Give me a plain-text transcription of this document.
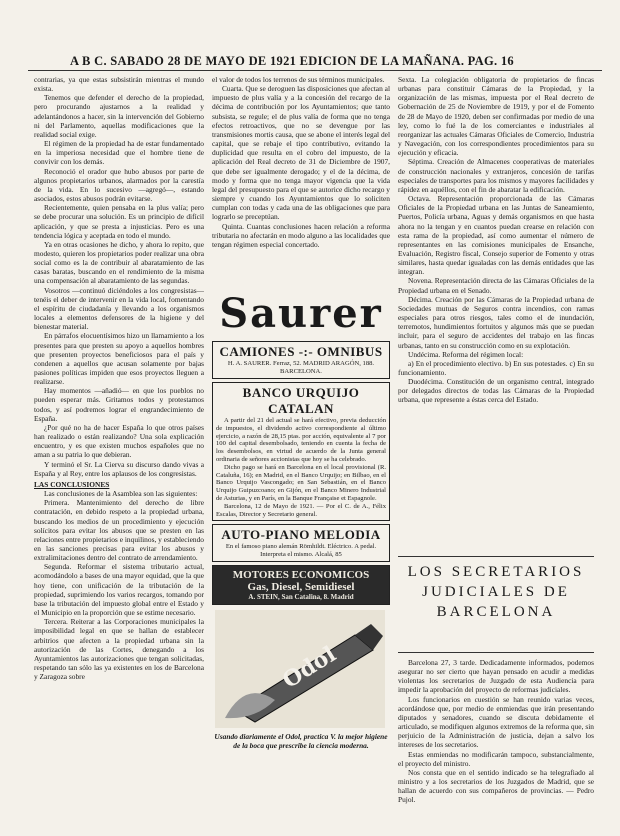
A B C. SABADO 28 DE MAYO DE 1921 EDICION DE LA MAÑANA. PAG. 16

contrarias, ya que estas subsistirán mientras el mundo exista.

Tenemos que defender el derecho de la propiedad, pero procurando ajustarnos a la realidad y adelantándonos a hacer, sin la intervención del Gobierno ni del Parlamento, aquellas modificaciones que la realidad social exige.

El régimen de la propiedad ha de estar fundamentado en la imperiosa necesidad que el hombre tiene de convivir con los demás.

Reconoció el orador que hubo abusos por parte de algunos propietarios urbanos, alarmados por la carestía de la vida. En lo sucesivo —agregó—, estando asociados, estos abusos podrán evitarse.

Recientemente, quien pensaba en la plus valía; pero se debe procurar una solución. Es un principio de difícil aplicación, y que se presta a injusticias. Pero es una tendencia lógica y aceptada en todo el mundo.

Ya en otras ocasiones he dicho, y ahora lo repito, que modesto, quieren los propietarios poder realizar una obra social como es la de contribuir al abaratamiento de las casas baratas, buscando en el rendimiento de la misma una compensación al abaratamiento de las segundas.

Vosotros —continuó diciéndoles a los congresistas— tenéis el deber de intervenir en la vida local, fomentando el espíritu de ciudadanía y llevando a los organismos locales a elementos defensores de la higiene y del bienestar material.

En párrafos elocuentísimos hizo un llamamiento a los presentes para que presten su apoyo a aquellos hombres que presenten proyectos beneficiosos para el país y condenen a aquellos que acusan solamente por bajas pasiones políticas impiden que esos proyectos lleguen a realizarse.

Hay momentos —añadió— en que los pueblos no pueden esperar más. Gritamos todos y protestamos todos, y así podremos lograr el engrandecimiento de España.

¿Por qué no ha de hacer España lo que otros países han realizado o están realizando? Una sola explicación encuentro, y es que existen muchos españoles que no aman a su patria lo que debieran.

Y terminó el Sr. La Cierva su discurso dando vivas a España y al Rey, entre los aplausos de los congresistas.

LAS CONCLUSIONES

Las conclusiones de la Asamblea son las siguientes:

Primera. Mantenimiento del derecho de libre contratación, en debido respeto a la propiedad urbana, buscando los medios de un procedimiento y ejecución solícitos para evitar los abusos que se presten en las relaciones entre propietarios e inquilinos, y estableciendo en las sanciones precisas para evitar los abusos y extralimitaciones dentro del contrato de arrendamiento.

Segunda. Reformar el sistema tributario actual, acomodándolo a bases de una mayor equidad, que la que hoy tiene, con unificación de la tributación de la propiedad, suprimiendo los varios recargos, tomando por base la tributación del impuesto global entre el Estado y el Municipio en la proporción que se estime necesario.

Tercera. Reiterar a las Corporaciones municipales la imposibilidad legal en que se hallan de establecer arbitrios que afecten a la propiedad urbana sin la autorización de las Cortes, denegando a los Ayuntamientos las autorizaciones que tengan solicitadas, respetando tan sólo las ya existentes en los de Barcelona y Zaragoza sobre

el valor de todos los terrenos de sus términos municipales.

Cuarta. Que se deroguen las disposiciones que afectan al impuesto de plus valía y a la concesión del recargo de la décima de contribución por los Ayuntamientos; que tanto subsista, se regule; el de plus valía de forma que no tenga efectos retroactivos, que no se devengue por las transmisiones mortis causa, que se abone el interés legal del capital, que se rebaje el tipo contributivo, evitando la duplicidad que resulta en el cobro del impuesto, de la aplicación del Real decreto de 31 de Diciembre de 1907, que debe ser igualmente derogado; y el de la décima, de modo y forma que no tenga mayor vigencia que la vida legal del presupuesto para el que se autorice dicho recargo y siempre y cuando los Ayuntamientos que lo soliciten cumplan con todas y cada una de las obligaciones que para lograrlo se preceptúan.

Quinta. Cuantas conclusiones hacen relación a reforma tributaria no afectarán en modo alguno a las localidades que tengan régimen especial concertado.

Saurer
CAMIONES -:- OMNIBUS
H. A. SAURER. Ferraz, 52. MADRID ARAGÓN, 188. BARCELONA.
BANCO URQUIJO CATALAN

A partir del 21 del actual se hará efectivo, previa deducción de impuestos, el dividendo activo correspondiente al último ejercicio, a razón de 28,15 ptas. por acción, equivalente al 7 por 100 del capital desembolsado, teniendo en cuenta la fecha de los desembolsos, en virtud de acuerdo de la Junta general ordinaria de señores accionistas que hoy se ha celebrado.

Dicho pago se hará en Barcelona en el local provisional (R. Cataluña, 16); en Madrid, en el Banco Urquijo; en Bilbao, en el Banco Urquijo Vascongado; en San Sebastián, en el Banco Urquijo Guipuzcoano; en Gijón, en el Banco Minero Industrial de Asturias, y en París, en la Banque Française et Espagnole.

Barcelona, 12 de Mayo de 1921. — Por el C. de A., Félix Escalas, Director y Secretario general.

AUTO-PIANO MELODIA
En el famoso piano alemán Römhildt. Eléctrico. A pedal. Interpreta el mismo. Alcalá, 85
MOTORES ECONOMICOS
Gas, Diesel, Semidiesel
A. STEIN, San Catalina, 8. Madrid
Odol
Usando diariamente el Odol, practica V. la mejor higiene de la boca que prescribe la ciencia moderna.

Sexta. La colegiación obligatoria de propietarios de fincas urbanas para constituir Cámaras de la Propiedad, y la organización de las mismas, impuesta por el Real decreto de Gobernación de 25 de Noviembre de 1919, y por el de Fomento de 28 de Mayo de 1920, deben ser confirmadas por medio de una ley, como lo fué la de los comerciantes e industriales al reorganizar las actuales Cámaras Oficiales de Comercio, Industria y Navegación, con los correspondientes procedimientos para su ejecución y eficacia.

Séptima. Creación de Almacenes cooperativas de materiales de construcción nacionales y extranjeros, concesión de tarifas especiales de transportes para los mismos y mayores facilidades y rápidez en aquéllos, con el fin de abaratar la edificación.

Octava. Representación proporcionada de las Cámaras Oficiales de la Propiedad urbana en las Juntas de Saneamiento, Puertos, Policía urbana, Aguas y demás organismos en que hasta ahora no la tengan y en cuantos puedan crearse en relación con esta rama de la propiedad, así como aumentar el número de representantes en las comisiones municipales de Ensanche, Evaluación, Registro fiscal, Consejo superior de Fomento y otras similares, hasta quedar igualadas con las demás entidades que las integran.

Novena. Representación directa de las Cámaras Oficiales de la Propiedad urbana en el Senado.

Décima. Creación por las Cámaras de la Propiedad urbana de Sociedades mutuas de Seguros contra incendios, con ramas especiales para otros riesgos, tales como el de inundación, terremotos, hundimientos fortuitos y algunos más que se puedan incluir, para el seguro de accidentes del trabajo en las fincas urbanas, tanto en su construcción como en su explotación.

Undécima. Reforma del régimen local:

a) En el procedimiento electivo. b) En sus potestades. c) En su funcionamiento.

Duodécima. Constitución de un organismo central, integrado por delegados directos de todas las Cámaras de la Propiedad urbana, que represente a éstas cerca del Estado.

LOS SECRETARIOS JUDICIALES DE BARCELONA

Barcelona 27, 3 tarde. Dedicadamente informados, podemos asegurar no ser cierto que hayan pensado en acudir a medidas violentas los secretarios de Juzgado de esta Audiencia para impedir la aprobación del proyecto de reformas judiciales.

Los funcionarios en cuestión se han reunido varias veces, acordándose que, por medio de enmiendas que irán presentando diputados y senadores, cuando se discuta debidamente el articulado, se modifiquen algunos extremos de la reforma que, sin perjuicio de la Administración de justicia, dejan a salvo los intereses de los secretarios.

Estas enmiendas no modificarán tampoco, substancialmente, el proyecto del ministro.

Nos consta que en el sentido indicado se ha telegrafiado al ministro y a los secretarios de los Juzgados de Madrid, que se hallan de acuerdo con sus compañeros de provincias. — Pedro Pujol.
